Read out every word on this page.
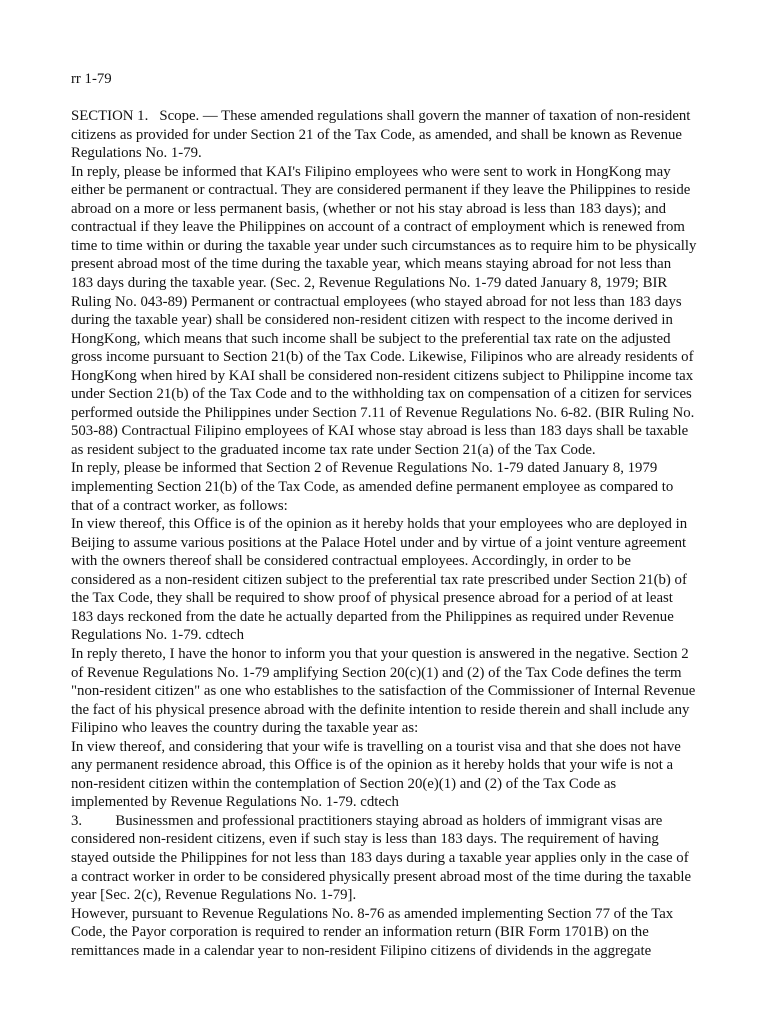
rr 1-79

SECTION 1.   Scope. — These amended regulations shall govern the manner of taxation of non-resident citizens as provided for under Section 21 of the Tax Code, as amended, and shall be known as Revenue Regulations No. 1-79.

In reply, please be informed that KAI's Filipino employees who were sent to work in HongKong may either be permanent or contractual. They are considered permanent if they leave the Philippines to reside abroad on a more or less permanent basis, (whether or not his stay abroad is less than 183 days); and contractual if they leave the Philippines on account of a contract of employment which is renewed from time to time within or during the taxable year under such circumstances as to require him to be physically present abroad most of the time during the taxable year, which means staying abroad for not less than 183 days during the taxable year. (Sec. 2, Revenue Regulations No. 1-79 dated January 8, 1979; BIR Ruling No. 043-89) Permanent or contractual employees (who stayed abroad for not less than 183 days during the taxable year) shall be considered non-resident citizen with respect to the income derived in HongKong, which means that such income shall be subject to the preferential tax rate on the adjusted gross income pursuant to Section 21(b) of the Tax Code. Likewise, Filipinos who are already residents of HongKong when hired by KAI shall be considered non-resident citizens subject to Philippine income tax under Section 21(b) of the Tax Code and to the withholding tax on compensation of a citizen for services performed outside the Philippines under Section 7.11 of Revenue Regulations No. 6-82. (BIR Ruling No. 503-88) Contractual Filipino employees of KAI whose stay abroad is less than 183 days shall be taxable as resident subject to the graduated income tax rate under Section 21(a) of the Tax Code.

In reply, please be informed that Section 2 of Revenue Regulations No. 1-79 dated January 8, 1979 implementing Section 21(b) of the Tax Code, as amended define permanent employee as compared to that of a contract worker, as follows:

In view thereof, this Office is of the opinion as it hereby holds that your employees who are deployed in Beijing to assume various positions at the Palace Hotel under and by virtue of a joint venture agreement with the owners thereof shall be considered contractual employees. Accordingly, in order to be considered as a non-resident citizen subject to the preferential tax rate prescribed under Section 21(b) of the Tax Code, they shall be required to show proof of physical presence abroad for a period of at least 183 days reckoned from the date he actually departed from the Philippines as required under Revenue Regulations No. 1-79. cdtech

In reply thereto, I have the honor to inform you that your question is answered in the negative. Section 2 of Revenue Regulations No. 1-79 amplifying Section 20(c)(1) and (2) of the Tax Code defines the term "non-resident citizen" as one who establishes to the satisfaction of the Commissioner of Internal Revenue the fact of his physical presence abroad with the definite intention to reside therein and shall include any Filipino who leaves the country during the taxable year as:

In view thereof, and considering that your wife is travelling on a tourist visa and that she does not have any permanent residence abroad, this Office is of the opinion as it hereby holds that your wife is not a non-resident citizen within the contemplation of Section 20(e)(1) and (2) of the Tax Code as implemented by Revenue Regulations No. 1-79. cdtech

3.         Businessmen and professional practitioners staying abroad as holders of immigrant visas are considered non-resident citizens, even if such stay is less than 183 days. The requirement of having stayed outside the Philippines for not less than 183 days during a taxable year applies only in the case of a contract worker in order to be considered physically present abroad most of the time during the taxable year [Sec. 2(c), Revenue Regulations No. 1-79].

However, pursuant to Revenue Regulations No. 8-76 as amended implementing Section 77 of the Tax Code, the Payor corporation is required to render an information return (BIR Form 1701B) on the remittances made in a calendar year to non-resident Filipino citizens of dividends in the aggregate
